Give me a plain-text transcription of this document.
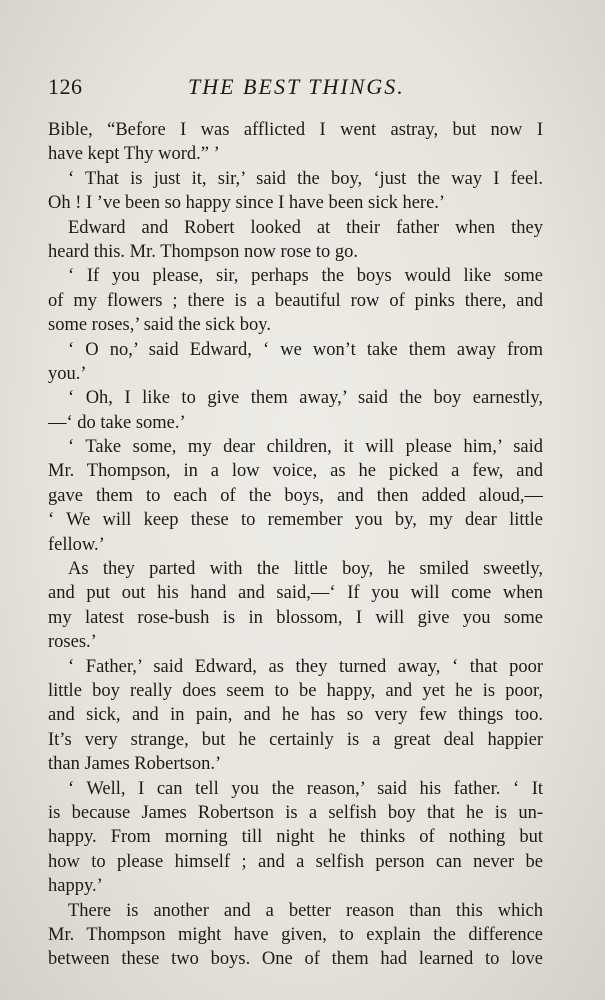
126	THE BEST THINGS.
Bible, “Before I was afflicted I went astray, but now I
have kept Thy word.” ’
‘ That is just it, sir,’ said the boy, ‘just the way I feel.
Oh ! I ’ve been so happy since I have been sick here.’
Edward and Robert looked at their father when they
heard this. Mr. Thompson now rose to go.
‘ If you please, sir, perhaps the boys would like some
of my flowers ; there is a beautiful row of pinks there, and
some roses,’ said the sick boy.
‘ O no,’ said Edward, ‘ we won’t take them away from
you.’
‘ Oh, I like to give them away,’ said the boy earnestly,
—‘ do take some.’
‘ Take some, my dear children, it will please him,’ said
Mr. Thompson, in a low voice, as he picked a few, and
gave them to each of the boys, and then added aloud,—
‘ We will keep these to remember you by, my dear little
fellow.’
As they parted with the little boy, he smiled sweetly,
and put out his hand and said,—‘ If you will come when
my latest rose-bush is in blossom, I will give you some
roses.’
‘ Father,’ said Edward, as they turned away, ‘ that poor
little boy really does seem to be happy, and yet he is poor,
and sick, and in pain, and he has so very few things too.
It’s very strange, but he certainly is a great deal happier
than James Robertson.’
‘ Well, I can tell you the reason,’ said his father. ‘ It
is because James Robertson is a selfish boy that he is un-
happy. From morning till night he thinks of nothing but
how to please himself ; and a selfish person can never be
happy.’
There is another and a better reason than this which
Mr. Thompson might have given, to explain the difference
between these two boys. One of them had learned to love
